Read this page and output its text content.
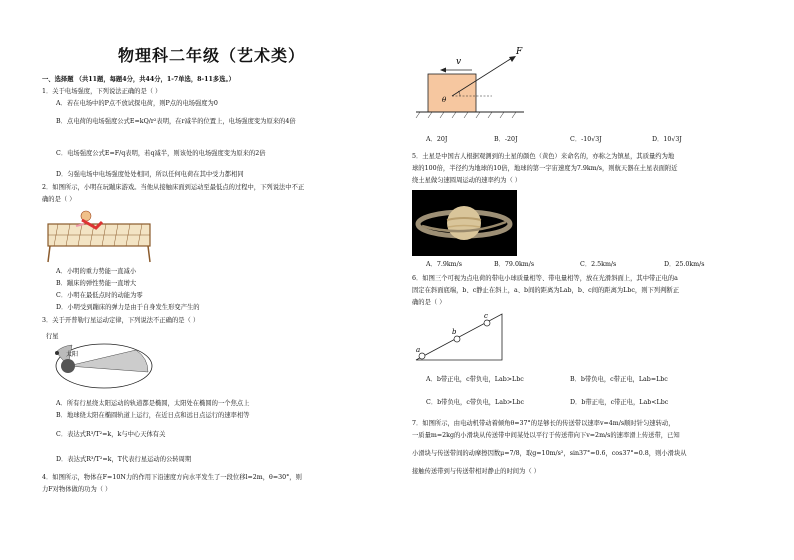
物理科二年级（艺术类）
一、选择题 （共11题，每题4分，共44分，1-7单选，8-11多选。）
1．关于电场强度，下列说法正确的是（ ）
A．若在电场中的P点不放试探电荷，则P点的电场强度为0
B．点电荷的电场强度公式E=kQ/r²表明，在r减半的位置上，电场强度变为原来的4倍
C．电场强度公式E=F/q表明，若q减半，则该处的电场强度变为原来的2倍
D．匀强电场中电场强度处处相同，所以任何电荷在其中受力都相同
2．如图所示，小明在玩蹦床游戏。当他从接触床面到运动至最低点的过程中，下列说法中不正
确的是（ ）
A．小明的重力势能一直减小
B．蹦床的弹性势能一直增大
C．小明在最低点时的动能为零
D．小明受到蹦床的弹力是由于自身发生形变产生的
3．关于开普勒行星运动定律，下列说法不正确的是（ ）
行星
太阳
A．所有行星绕太阳运动的轨道都是椭圆，太阳处在椭圆的一个焦点上
B．地球绕太阳在椭圆轨道上运行，在近日点和远日点运行的速率相等
C．表达式R³/T²=k，k与中心天体有关
D．表达式R³/T²=k，T代表行星运动的公转周期
4．如图所示，物体在F=10N力的作用下沿速度方向水平发生了一段位移l=2m，θ=30°，则
力F对物体做的功为（ ）
v
F
θ
A．20J	B．-20J	C．-10√3J	D．10√3J
5．土星是中国古人根据观测到的土星的颜色（黄色）来命名的，亦称之为镇星，其质量约为地
球的100倍，半径约为地球的10倍，地球的第一宇宙速度为7.9km/s，则航天器在土星表面附近
绕土星做匀速圆周运动的速率约为（ ）
A．7.9km/s	B．79.0km/s	C．2.5km/s	D．25.0km/s
6．如图三个可视为点电荷的带电小球质量相等、带电量相等，放在光滑斜面上，其中带正电的a
固定在斜面底端，b、c静止在斜上，a、b间的距离为Lab，b、c间的距离为Lbc，则下列判断正
确的是（ ）
a
b
c
A．b带正电，c带负电，Lab>Lbc	B．b带负电，c带正电，Lab=Lbc
C．b带负电，c带负电，Lab>Lbc	D．b带正电，c带正电，Lab<Lbc
7．如图所示，由电动机带动着倾角θ=37°的足够长的传送带以速率v=4m/s顺时针匀速转动，
一质量m=2kg的小滑块从传送带中间某处以平行于传送带向下v=2m/s的速率滑上传送带，已知
小滑块与传送带间的动摩擦因数μ=7/8，取g=10m/s²，sin37°=0.6，cos37°=0.8，则小滑块从
接触传送带到与传送带相对静止的时间为（ ）
